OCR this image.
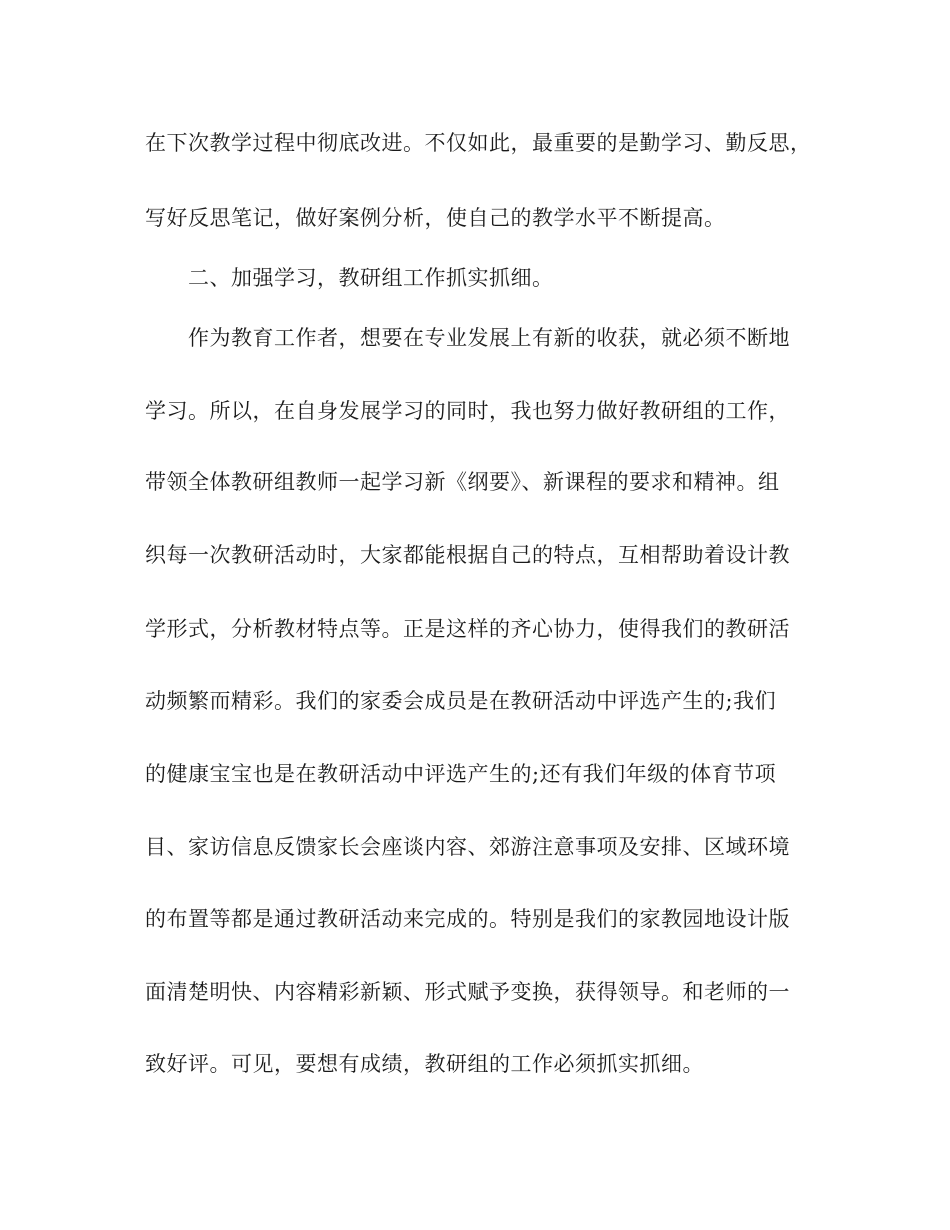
在下次教学过程中彻底改进。不仅如此，最重要的是勤学习、勤反思，
写好反思笔记，做好案例分析，使自己的教学水平不断提高。
二、加强学习，教研组工作抓实抓细。
作为教育工作者，想要在专业发展上有新的收获，就必须不断地
学习。所以，在自身发展学习的同时，我也努力做好教研组的工作，
带领全体教研组教师一起学习新《纲要》、新课程的要求和精神。组
织每一次教研活动时，大家都能根据自己的特点，互相帮助着设计教
学形式，分析教材特点等。正是这样的齐心协力，使得我们的教研活
动频繁而精彩。我们的家委会成员是在教研活动中评选产生的;我们
的健康宝宝也是在教研活动中评选产生的;还有我们年级的体育节项
目、家访信息反馈家长会座谈内容、郊游注意事项及安排、区域环境
的布置等都是通过教研活动来完成的。特别是我们的家教园地设计版
面清楚明快、内容精彩新颖、形式赋予变换，获得领导。和老师的一
致好评。可见，要想有成绩，教研组的工作必须抓实抓细。
